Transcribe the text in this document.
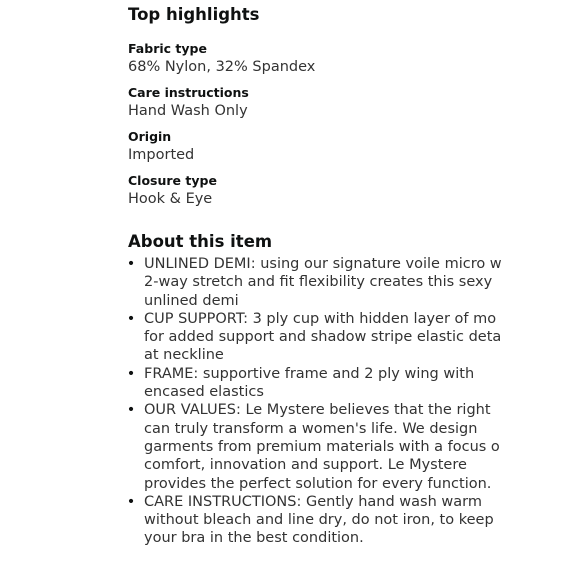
Top highlights
Fabric type
68% Nylon, 32% Spandex
Care instructions
Hand Wash Only
Origin
Imported
Closure type
Hook & Eye
About this item
• UNLINED DEMI: using our signature voile micro w
2-way stretch and fit flexibility creates this sexy
unlined demi
• CUP SUPPORT: 3 ply cup with hidden layer of mo
for added support and shadow stripe elastic deta
at neckline
• FRAME: supportive frame and 2 ply wing with
encased elastics
• OUR VALUES: Le Mystere believes that the right
can truly transform a women's life. We design
garments from premium materials with a focus o
comfort, innovation and support. Le Mystere
provides the perfect solution for every function.
• CARE INSTRUCTIONS: Gently hand wash warm
without bleach and line dry, do not iron, to keep
your bra in the best condition.
